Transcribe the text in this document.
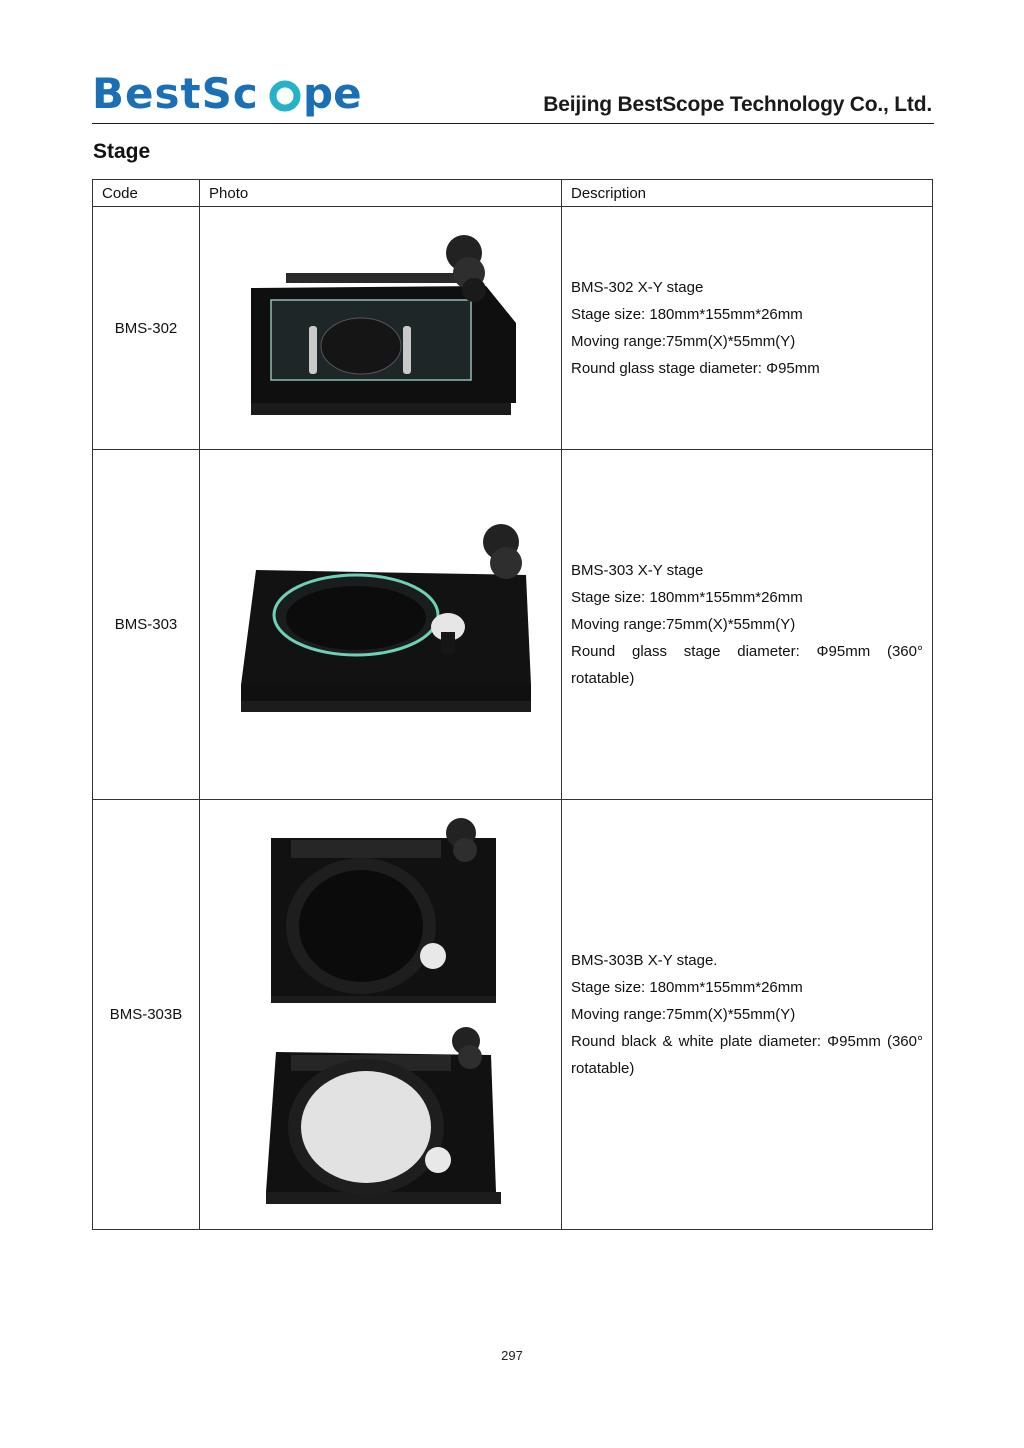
BestSc pe	Beijing BestScope Technology Co., Ltd.
Stage
Code	Photo	Description
BMS-302		BMS-302 X-Y stage
Stage size: 180mm*155mm*26mm
Moving range:75mm(X)*55mm(Y)
Round glass stage diameter: Φ95mm

BMS-303		BMS-303 X-Y stage
Stage size: 180mm*155mm*26mm
Moving range:75mm(X)*55mm(Y)
Round glass stage diameter: Φ95mm (360° rotatable)

BMS-303B		BMS-303B X-Y stage.
Stage size: 180mm*155mm*26mm
Moving range:75mm(X)*55mm(Y)
Round black & white plate diameter: Φ95mm (360° rotatable)
297
